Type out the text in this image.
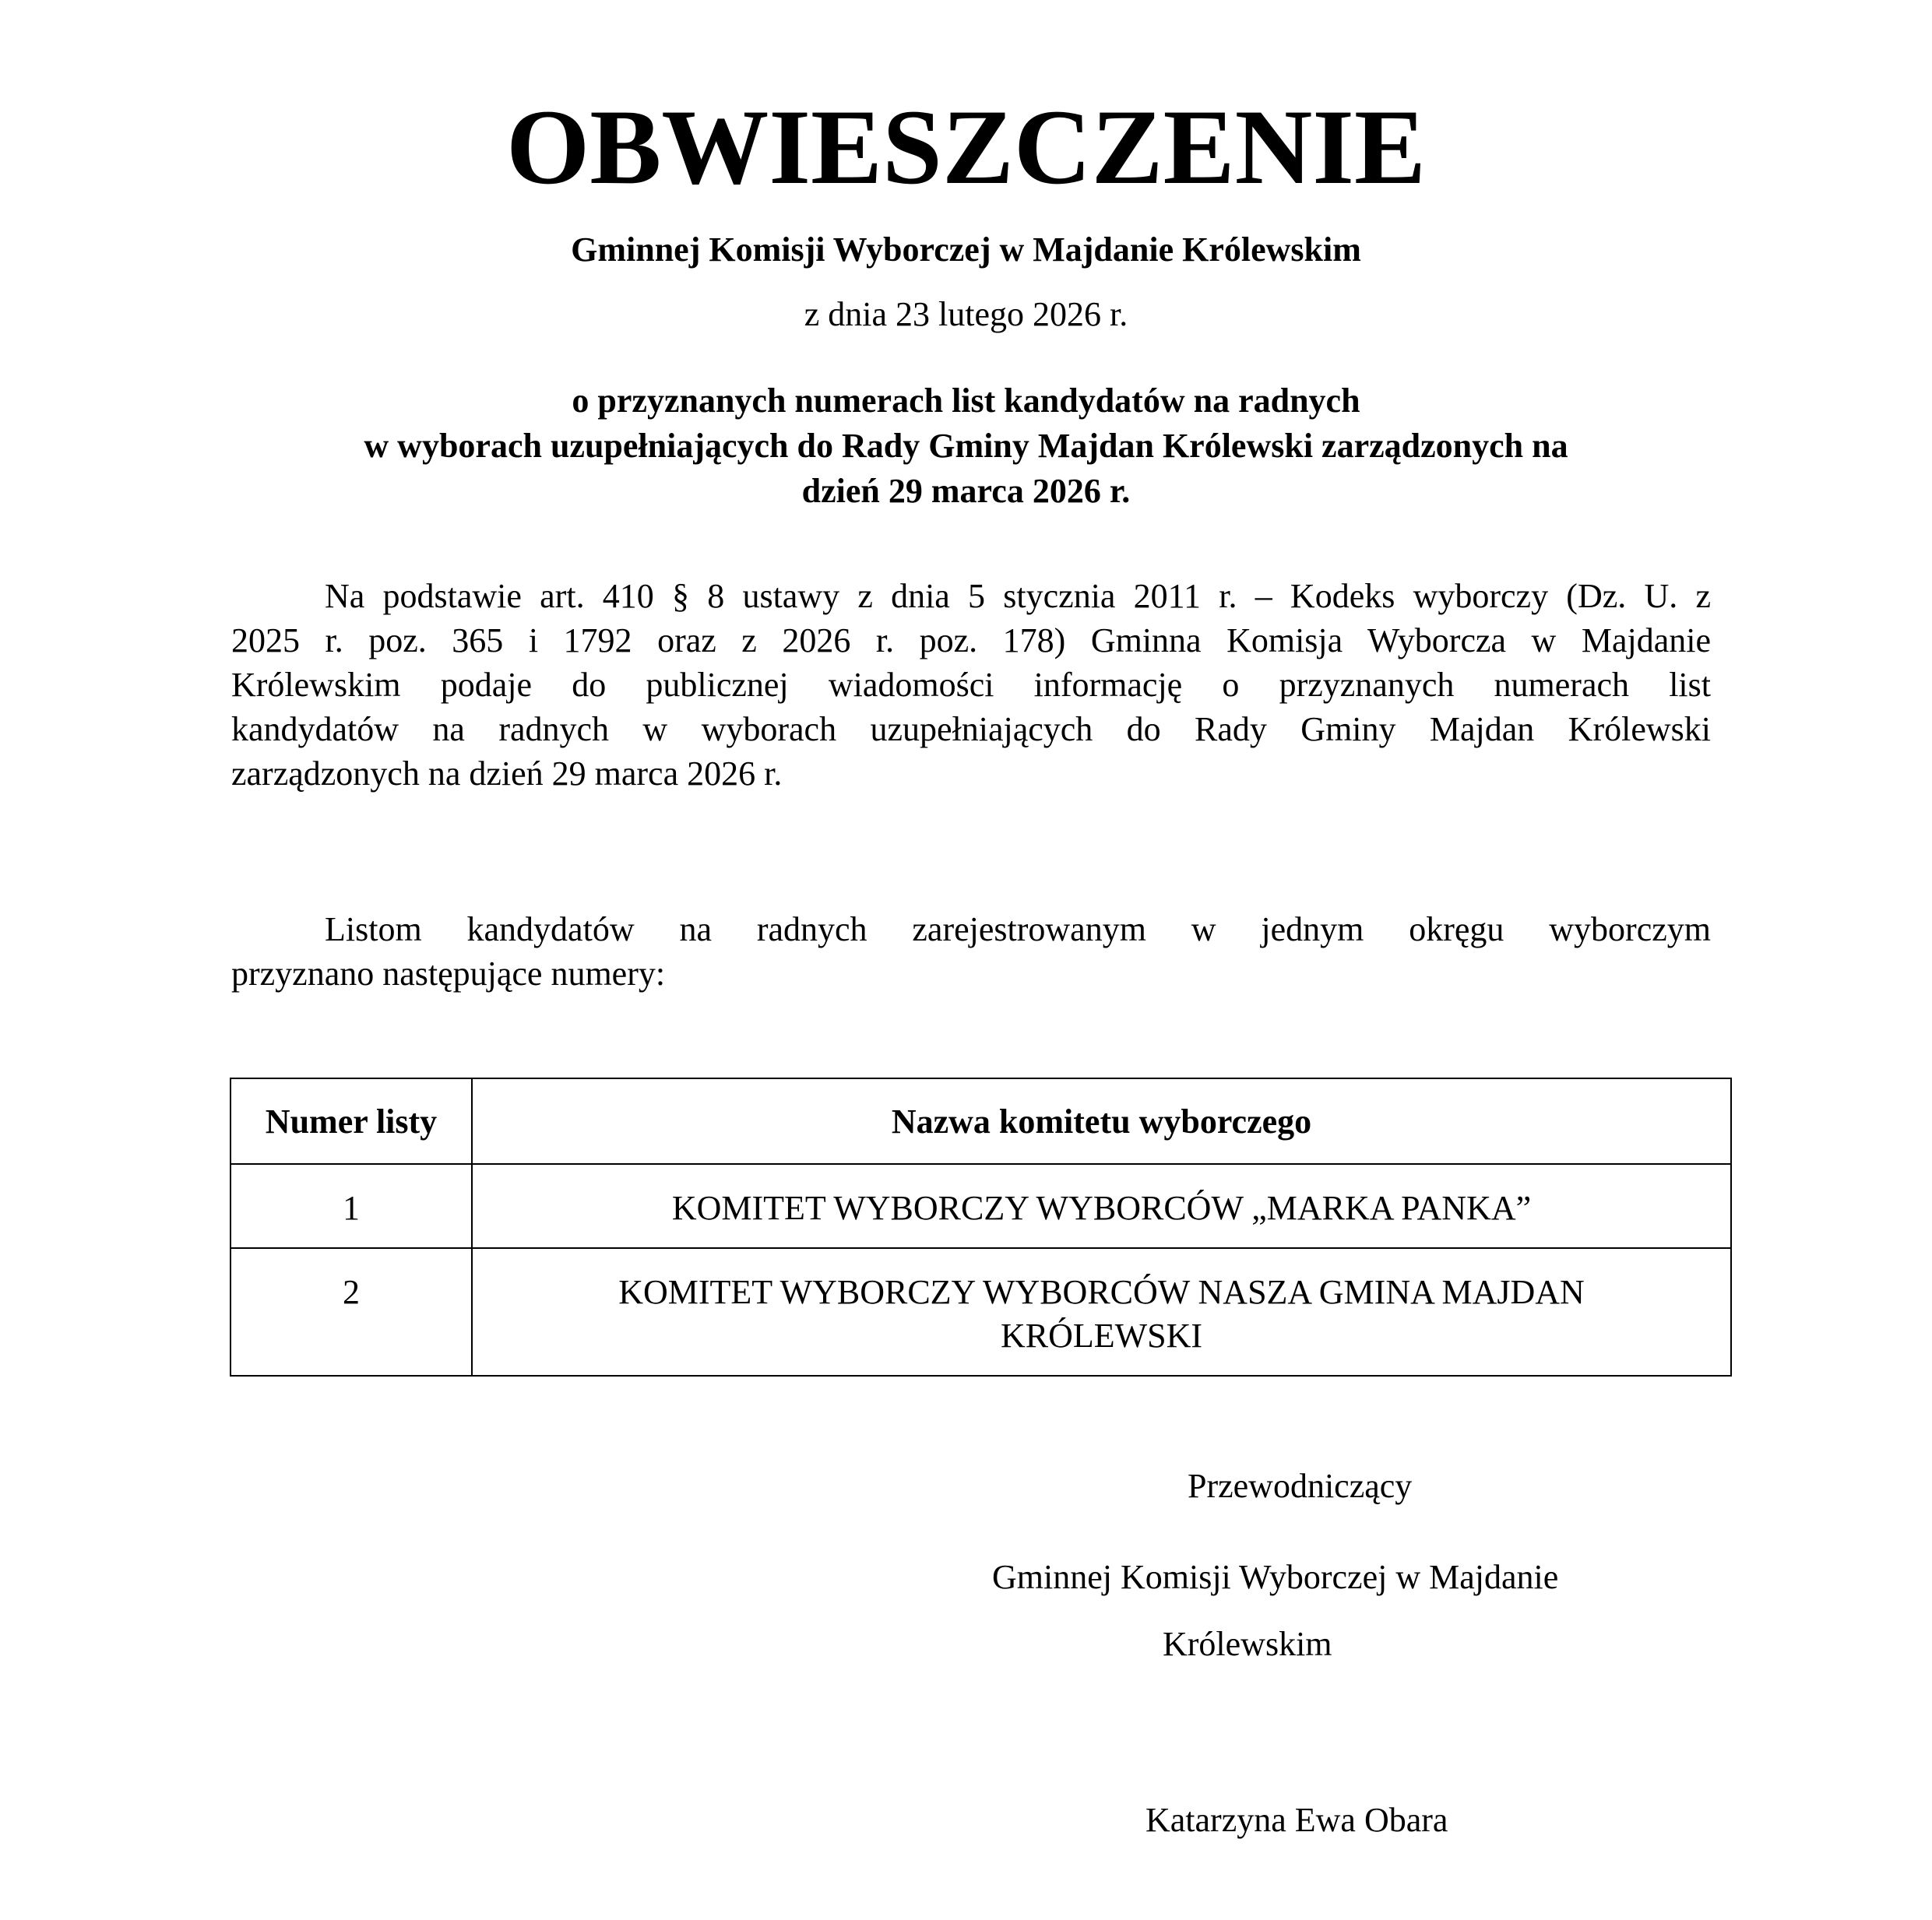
OBWIESZCZENIE

Gminnej Komisji Wyborczej w Majdanie Królewskim

z dnia 23 lutego 2026 r.

o przyznanych numerach list kandydatów na radnych
w wyborach uzupełniających do Rady Gminy Majdan Królewski zarządzonych na
dzień 29 marca 2026 r.

Na podstawie art. 410 § 8 ustawy z dnia 5 stycznia 2011 r. – Kodeks wyborczy (Dz. U. z
2025 r. poz. 365 i 1792 oraz z 2026 r. poz. 178) Gminna Komisja Wyborcza w Majdanie
Królewskim podaje do publicznej wiadomości informację o przyznanych numerach list
kandydatów na radnych w wyborach uzupełniających do Rady Gminy Majdan Królewski
zarządzonych na dzień 29 marca 2026 r.

Listom kandydatów na radnych zarejestrowanym w jednym okręgu wyborczym
przyznano następujące numery:

Numer listy	Nazwa komitetu wyborczego
1	KOMITET WYBORCZY WYBORCÓW „MARKA PANKA”
2	KOMITET WYBORCZY WYBORCÓW NASZA GMINA MAJDAN
KRÓLEWSKI

Przewodniczący

Gminnej Komisji Wyborczej w Majdanie

Królewskim

Katarzyna Ewa Obara
